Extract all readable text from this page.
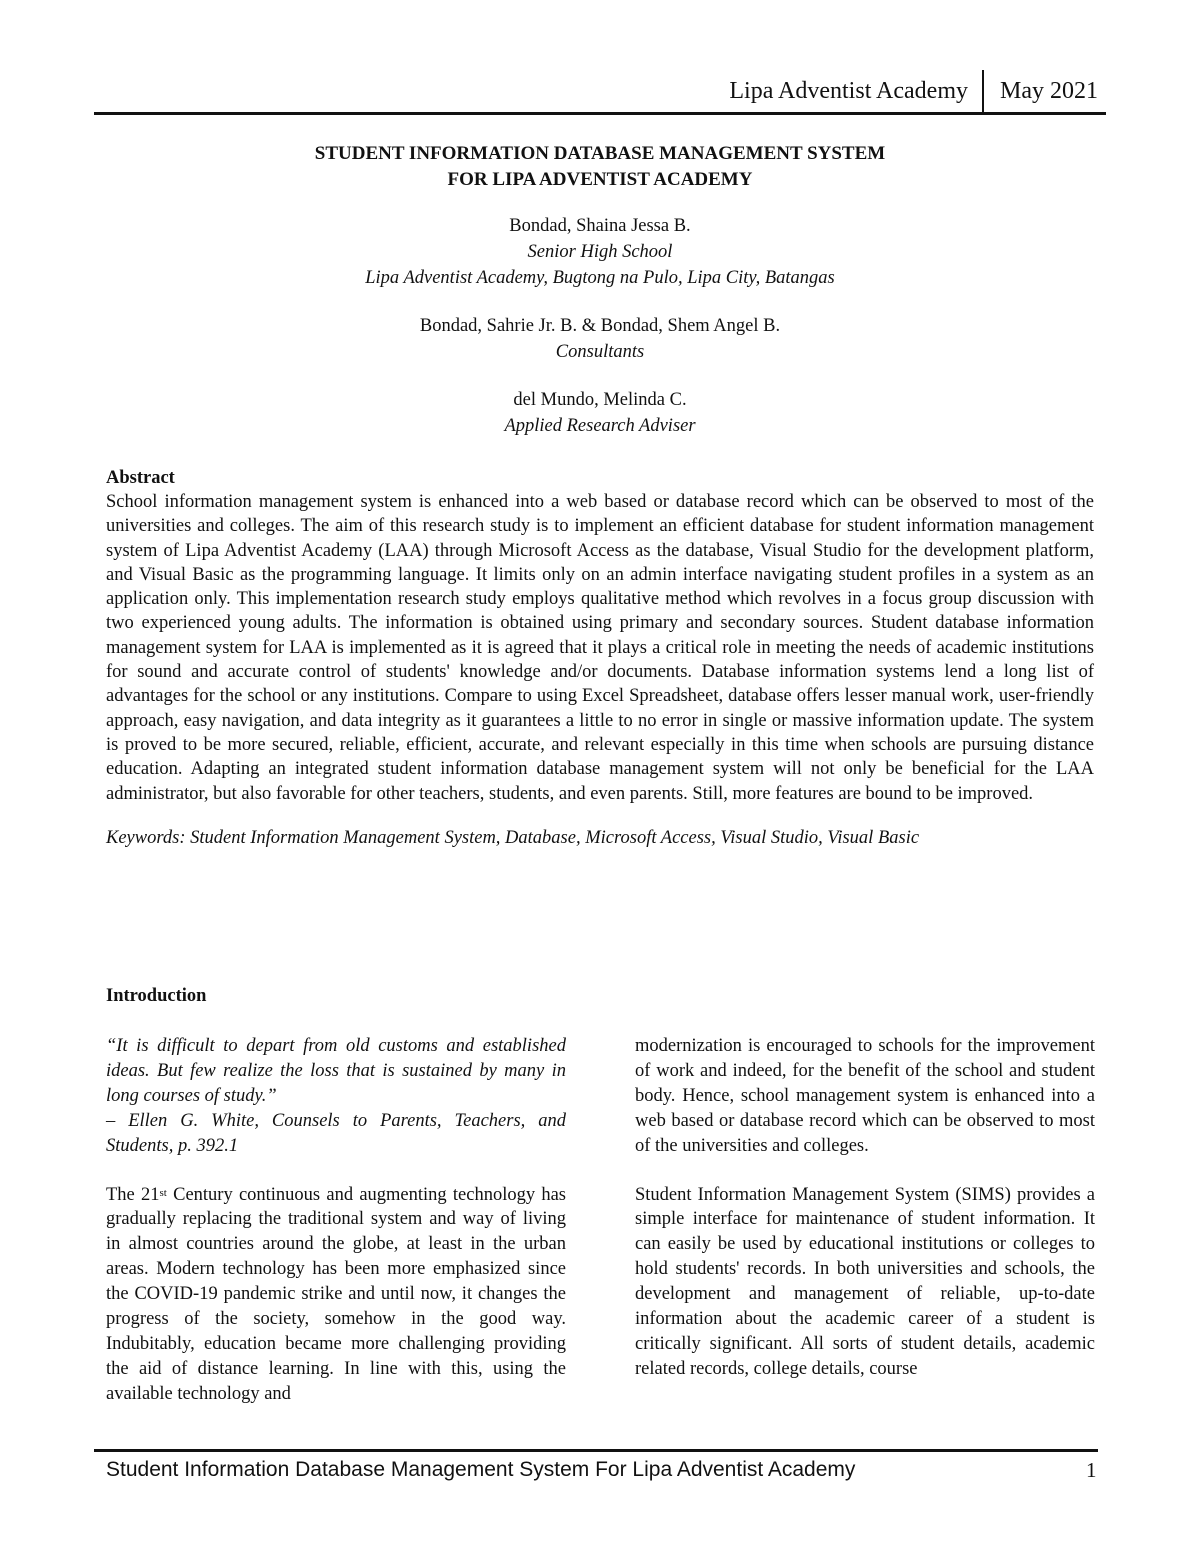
Lipa Adventist Academy May 2021
STUDENT INFORMATION DATABASE MANAGEMENT SYSTEM
FOR LIPA ADVENTIST ACADEMY
Bondad, Shaina Jessa B.
Senior High School
Lipa Adventist Academy, Bugtong na Pulo, Lipa City, Batangas
Bondad, Sahrie Jr. B. & Bondad, Shem Angel B.
Consultants
del Mundo, Melinda C.
Applied Research Adviser
Abstract

School information management system is enhanced into a web based or database record which can be observed to most of the universities and colleges. The aim of this research study is to implement an efficient database for student information management system of Lipa Adventist Academy (LAA) through Microsoft Access as the database, Visual Studio for the development platform, and Visual Basic as the programming language. It limits only on an admin interface navigating student profiles in a system as an application only. This implementation research study employs qualitative method which revolves in a focus group discussion with two experienced young adults. The information is obtained using primary and secondary sources. Student database information management system for LAA is implemented as it is agreed that it plays a critical role in meeting the needs of academic institutions for sound and accurate control of students' knowledge and/or documents. Database information systems lend a long list of advantages for the school or any institutions. Compare to using Excel Spreadsheet, database offers lesser manual work, user-friendly approach, easy navigation, and data integrity as it guarantees a little to no error in single or massive information update. The system is proved to be more secured, reliable, efficient, accurate, and relevant especially in this time when schools are pursuing distance education. Adapting an integrated student information database management system will not only be beneficial for the LAA administrator, but also favorable for other teachers, students, and even parents. Still, more features are bound to be improved.

Keywords: Student Information Management System, Database, Microsoft Access, Visual Studio, Visual Basic
Introduction

“It is difficult to depart from old customs and established ideas. But few realize the loss that is sustained by many in long courses of study.”

– Ellen G. White, Counsels to Parents, Teachers, and Students, p. 392.1

The 21st Century continuous and augmenting technology has gradually replacing the traditional system and way of living in almost countries around the globe, at least in the urban areas. Modern technology has been more emphasized since the COVID-19 pandemic strike and until now, it changes the progress of the society, somehow in the good way. Indubitably, education became more challenging providing the aid of distance learning. In line with this, using the available technology and

modernization is encouraged to schools for the improvement of work and indeed, for the benefit of the school and student body. Hence, school management system is enhanced into a web based or database record which can be observed to most of the universities and colleges.

Student Information Management System (SIMS) provides a simple interface for maintenance of student information. It can easily be used by educational institutions or colleges to hold students' records. In both universities and schools, the development and management of reliable, up-to-date information about the academic career of a student is critically significant. All sorts of student details, academic related records, college details, course

Student Information Database Management System For Lipa Adventist Academy	1
